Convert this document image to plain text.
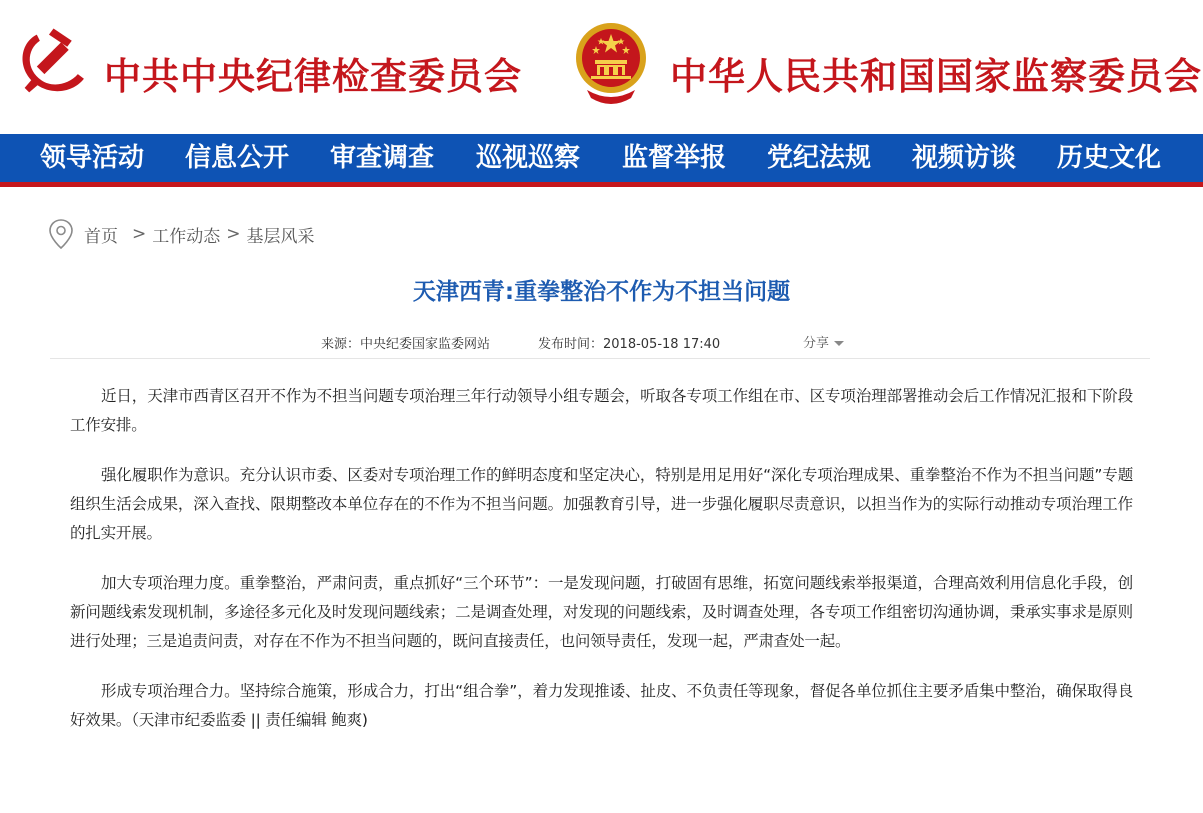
中共中央纪律检查委员会	中华人民共和国国家监察委员会
领导活动 信息公开 审查调查 巡视巡察 监督举报 党纪法规 视频访谈 历史文化
首页 > 工作动态 > 基层风采
天津西青:重拳整治不作为不担当问题
来源：中央纪委国家监委网站	发布时间：2018-05-18 17:40	分享

近日，天津市西青区召开不作为不担当问题专项治理三年行动领导小组专题会，听取各专项工作组在市、区专项治理部署推动会后工作情况汇报和下阶段工作安排。

强化履职作为意识。充分认识市委、区委对专项治理工作的鲜明态度和坚定决心，特别是用足用好“深化专项治理成果、重拳整治不作为不担当问题”专题组织生活会成果，深入查找、限期整改本单位存在的不作为不担当问题。加强教育引导，进一步强化履职尽责意识，以担当作为的实际行动推动专项治理工作的扎实开展。

加大专项治理力度。重拳整治，严肃问责，重点抓好“三个环节”：一是发现问题，打破固有思维，拓宽问题线索举报渠道，合理高效利用信息化手段，创新问题线索发现机制，多途径多元化及时发现问题线索；二是调查处理，对发现的问题线索，及时调查处理，各专项工作组密切沟通协调，秉承实事求是原则进行处理；三是追责问责，对存在不作为不担当问题的，既问直接责任，也问领导责任，发现一起，严肃查处一起。

形成专项治理合力。坚持综合施策，形成合力，打出“组合拳”，着力发现推诿、扯皮、不负责任等现象，督促各单位抓住主要矛盾集中整治，确保取得良好效果。（天津市纪委监委 || 责任编辑 鲍爽)
